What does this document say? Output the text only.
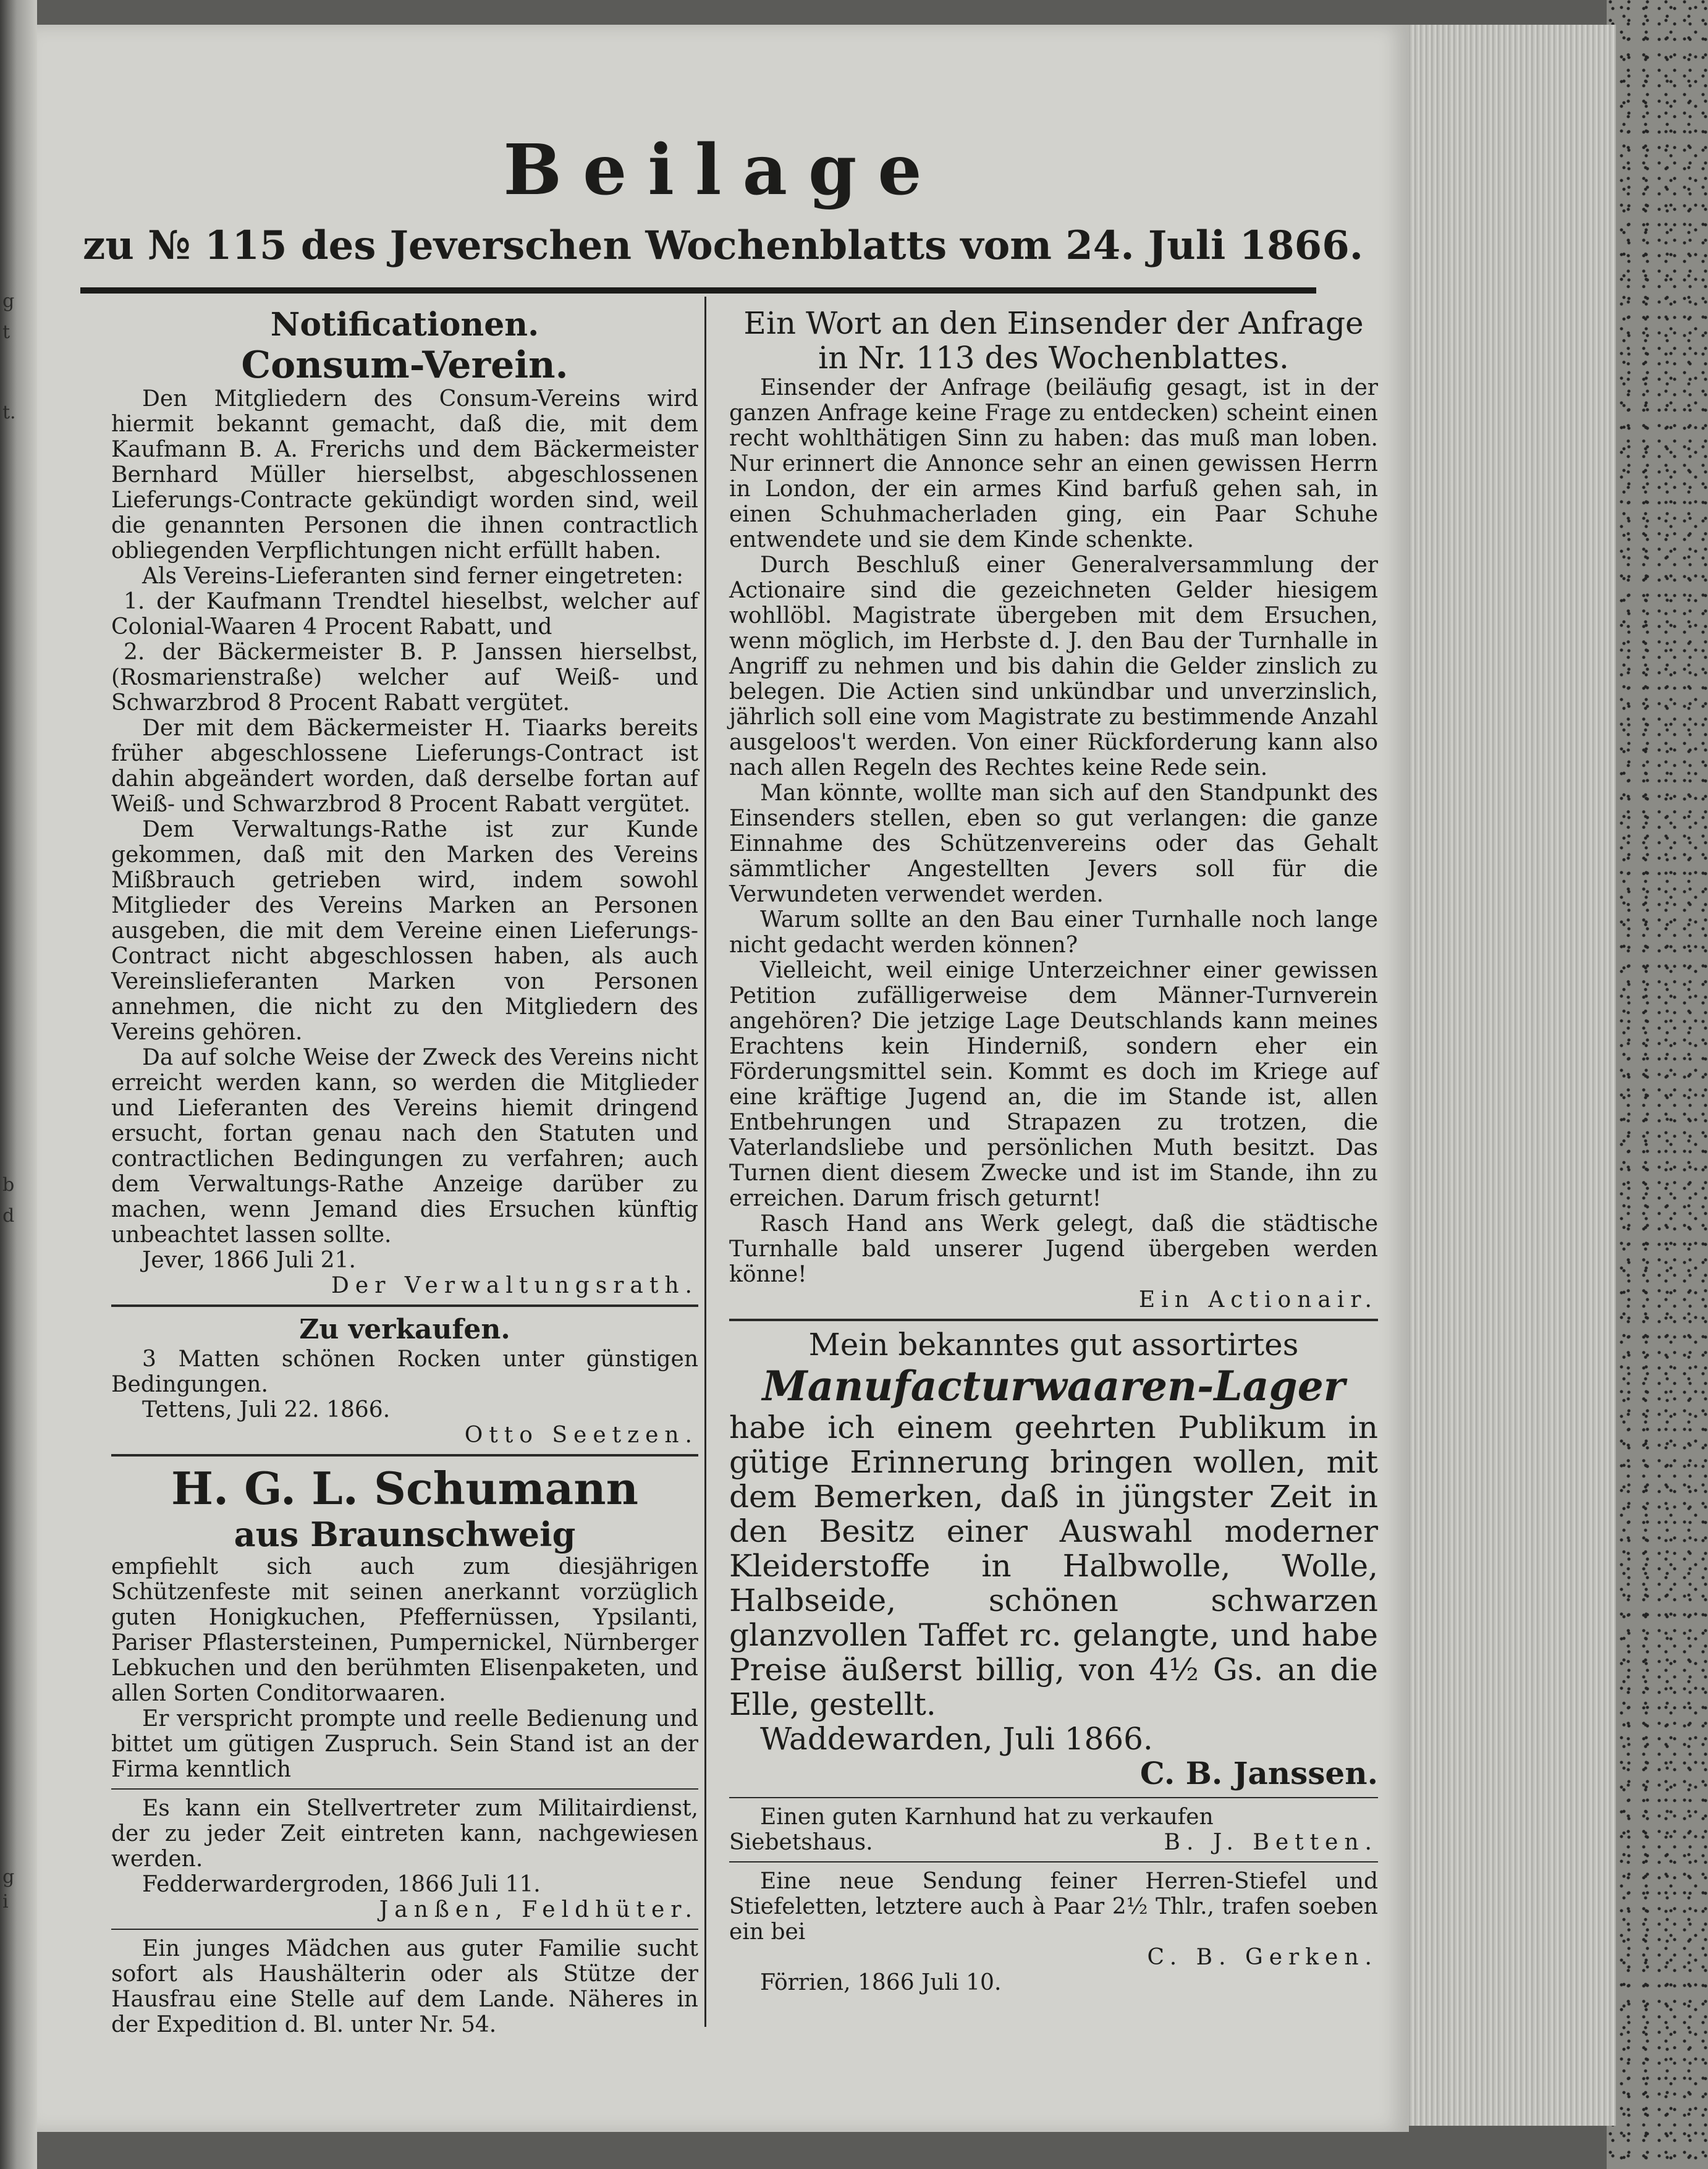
g
t
t.
b
d
g
i
Beilage
zu № 115 des Jeverschen Wochenblatts vom 24. Juli 1866.
Notificationen.
Consum-Verein.

Den Mitgliedern des Consum-Vereins wird hiermit bekannt gemacht, daß die, mit dem Kaufmann B. A. Frerichs und dem Bäckermeister Bernhard Müller hierselbst, abgeschlossenen Lieferungs-Contracte gekündigt worden sind, weil die genannten Personen die ihnen contractlich obliegenden Verpflichtungen nicht erfüllt haben.

Als Vereins-Lieferanten sind ferner eingetreten:

1. der Kaufmann Trendtel hieselbst, welcher auf Colonial-Waaren 4 Procent Rabatt, und

2. der Bäckermeister B. P. Janssen hierselbst, (Rosmarienstraße) welcher auf Weiß- und Schwarzbrod 8 Procent Rabatt vergütet.

Der mit dem Bäckermeister H. Tiaarks bereits früher abgeschlossene Lieferungs-Contract ist dahin abgeändert worden, daß derselbe fortan auf Weiß- und Schwarzbrod 8 Procent Rabatt vergütet.

Dem Verwaltungs-Rathe ist zur Kunde gekommen, daß mit den Marken des Vereins Mißbrauch getrieben wird, indem sowohl Mitglieder des Vereins Marken an Personen ausgeben, die mit dem Vereine einen Lieferungs-Contract nicht abgeschlossen haben, als auch Vereinslieferanten Marken von Personen annehmen, die nicht zu den Mitgliedern des Vereins gehören.

Da auf solche Weise der Zweck des Vereins nicht erreicht werden kann, so werden die Mitglieder und Lieferanten des Vereins hiemit dringend ersucht, fortan genau nach den Statuten und contractlichen Bedingungen zu verfahren; auch dem Verwaltungs-Rathe Anzeige darüber zu machen, wenn Jemand dies Ersuchen künftig unbeachtet lassen sollte.

Jever, 1866 Juli 21.

Der Verwaltungsrath.

Zu verkaufen.

3 Matten schönen Rocken unter günstigen Bedingungen.

Tettens, Juli 22. 1866.

Otto Seetzen.

H. G. L. Schumann
aus Braunschweig

empfiehlt sich auch zum diesjährigen Schützenfeste mit seinen anerkannt vorzüglich guten Honigkuchen, Pfeffernüssen, Ypsilanti, Pariser Pflastersteinen, Pumpernickel, Nürnberger Lebkuchen und den berühmten Elisenpaketen, und allen Sorten Conditorwaaren.

Er verspricht prompte und reelle Bedienung und bittet um gütigen Zuspruch. Sein Stand ist an der Firma kenntlich

Es kann ein Stellvertreter zum Militairdienst, der zu jeder Zeit eintreten kann, nachgewiesen werden.

Fedderwardergroden, 1866 Juli 11.

Janßen, Feldhüter.

Ein junges Mädchen aus guter Familie sucht sofort als Haushälterin oder als Stütze der Hausfrau eine Stelle auf dem Lande. Näheres in der Expedition d. Bl. unter Nr. 54.

Ein Wort an den Einsender der Anfrage
in Nr. 113 des Wochenblattes.

Einsender der Anfrage (beiläufig gesagt, ist in der ganzen Anfrage keine Frage zu entdecken) scheint einen recht wohlthätigen Sinn zu haben: das muß man loben. Nur erinnert die Annonce sehr an einen gewissen Herrn in London, der ein armes Kind barfuß gehen sah, in einen Schuhmacherladen ging, ein Paar Schuhe entwendete und sie dem Kinde schenkte.

Durch Beschluß einer Generalversammlung der Actionaire sind die gezeichneten Gelder hiesigem wohllöbl. Magistrate übergeben mit dem Ersuchen, wenn möglich, im Herbste d. J. den Bau der Turnhalle in Angriff zu nehmen und bis dahin die Gelder zinslich zu belegen. Die Actien sind unkündbar und unverzinslich, jährlich soll eine vom Magistrate zu bestimmende Anzahl ausgeloos't werden. Von einer Rückforderung kann also nach allen Regeln des Rechtes keine Rede sein.

Man könnte, wollte man sich auf den Standpunkt des Einsenders stellen, eben so gut verlangen: die ganze Einnahme des Schützenvereins oder das Gehalt sämmtlicher Angestellten Jevers soll für die Verwundeten verwendet werden.

Warum sollte an den Bau einer Turnhalle noch lange nicht gedacht werden können?

Vielleicht, weil einige Unterzeichner einer gewissen Petition zufälligerweise dem Männer-Turnverein angehören? Die jetzige Lage Deutschlands kann meines Erachtens kein Hinderniß, sondern eher ein Förderungsmittel sein. Kommt es doch im Kriege auf eine kräftige Jugend an, die im Stande ist, allen Entbehrungen und Strapazen zu trotzen, die Vaterlandsliebe und persönlichen Muth besitzt. Das Turnen dient diesem Zwecke und ist im Stande, ihn zu erreichen. Darum frisch geturnt!

Rasch Hand ans Werk gelegt, daß die städtische Turnhalle bald unserer Jugend übergeben werden könne!

Ein Actionair.

Mein bekanntes gut assortirtes
Manufacturwaaren-Lager

habe ich einem geehrten Publikum in gütige Erinnerung bringen wollen, mit dem Bemerken, daß in jüngster Zeit in den Besitz einer Auswahl moderner Kleiderstoffe in Halbwolle, Wolle, Halbseide, schönen schwarzen glanzvollen Taffet rc. gelangte, und habe Preise äußerst billig, von 4½ Gs. an die Elle, gestellt.

Waddewarden, Juli 1866.

C. B. Janssen.

Einen guten Karnhund hat zu verkaufen

Siebetshaus.	B. J. Betten.

Eine neue Sendung feiner Herren-Stiefel und Stiefeletten, letztere auch à Paar 2½ Thlr., trafen soeben ein bei

C. B. Gerken.

Förrien, 1866 Juli 10.
